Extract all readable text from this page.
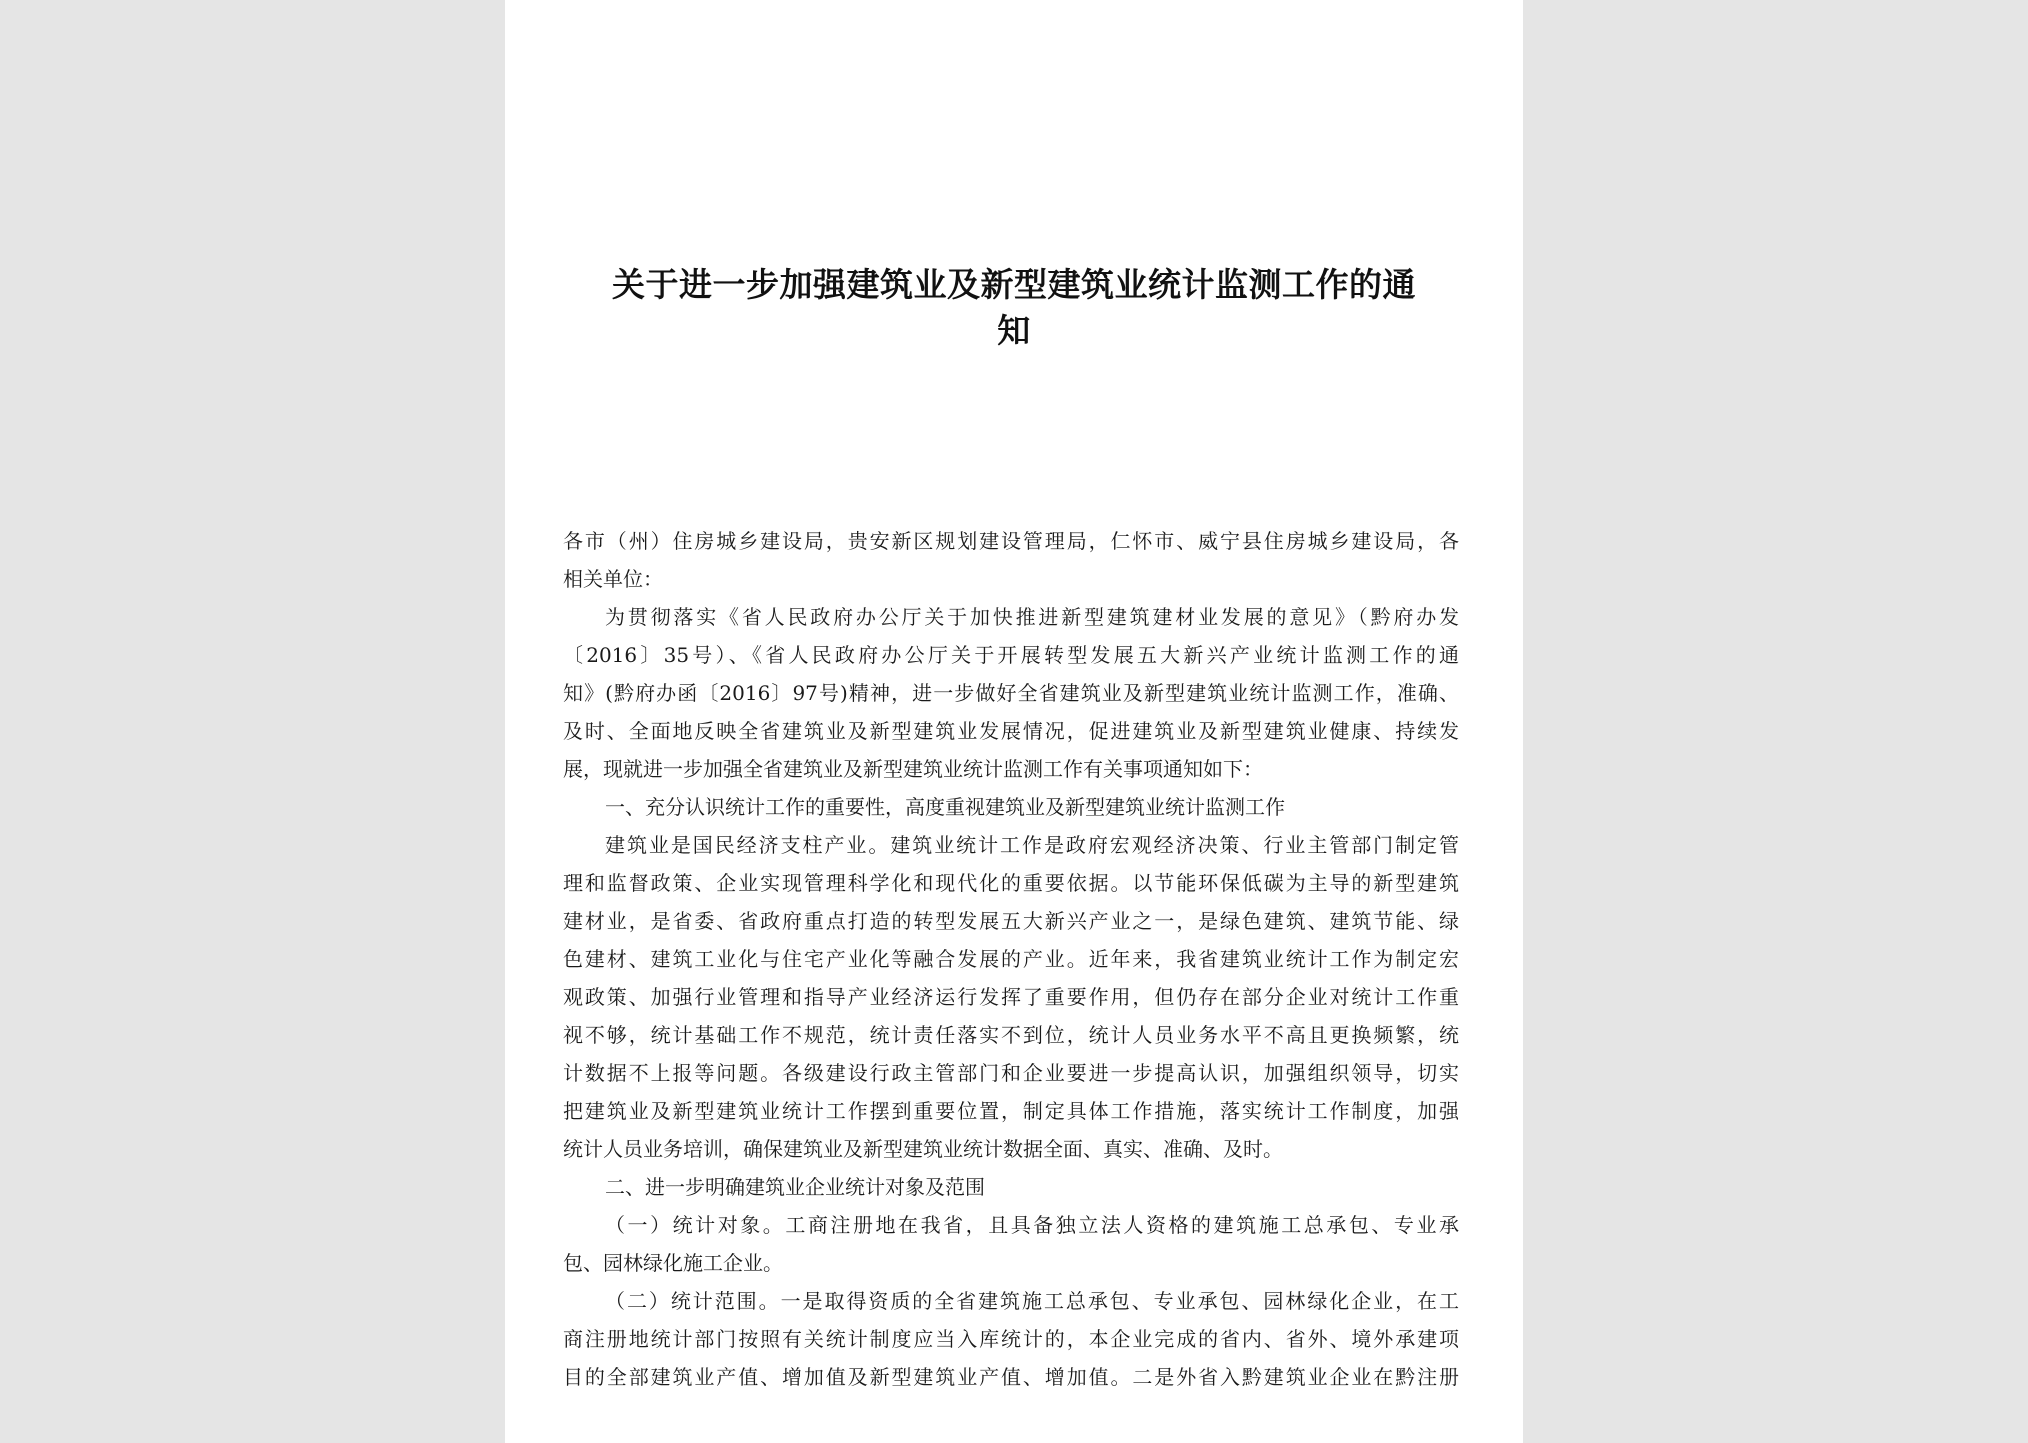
关于进一步加强建筑业及新型建筑业统计监测工作的通
知
各市（州）住房城乡建设局，贵安新区规划建设管理局，仁怀市、威宁县住房城乡建设局，各
相关单位：
为贯彻落实《省人民政府办公厅关于加快推进新型建筑建材业发展的意见》（黔府办发
〔2016〕35号）、《省人民政府办公厅关于开展转型发展五大新兴产业统计监测工作的通
知》(黔府办函〔2016〕97号)精神，进一步做好全省建筑业及新型建筑业统计监测工作，准确、
及时、全面地反映全省建筑业及新型建筑业发展情况，促进建筑业及新型建筑业健康、持续发
展，现就进一步加强全省建筑业及新型建筑业统计监测工作有关事项通知如下：
一、充分认识统计工作的重要性，高度重视建筑业及新型建筑业统计监测工作
建筑业是国民经济支柱产业。建筑业统计工作是政府宏观经济决策、行业主管部门制定管
理和监督政策、企业实现管理科学化和现代化的重要依据。以节能环保低碳为主导的新型建筑
建材业，是省委、省政府重点打造的转型发展五大新兴产业之一，是绿色建筑、建筑节能、绿
色建材、建筑工业化与住宅产业化等融合发展的产业。近年来，我省建筑业统计工作为制定宏
观政策、加强行业管理和指导产业经济运行发挥了重要作用，但仍存在部分企业对统计工作重
视不够，统计基础工作不规范，统计责任落实不到位，统计人员业务水平不高且更换频繁，统
计数据不上报等问题。各级建设行政主管部门和企业要进一步提高认识，加强组织领导，切实
把建筑业及新型建筑业统计工作摆到重要位置，制定具体工作措施，落实统计工作制度，加强
统计人员业务培训，确保建筑业及新型建筑业统计数据全面、真实、准确、及时。
二、进一步明确建筑业企业统计对象及范围
（一）统计对象。工商注册地在我省，且具备独立法人资格的建筑施工总承包、专业承
包、园林绿化施工企业。
（二）统计范围。一是取得资质的全省建筑施工总承包、专业承包、园林绿化企业，在工
商注册地统计部门按照有关统计制度应当入库统计的，本企业完成的省内、省外、境外承建项
目的全部建筑业产值、增加值及新型建筑业产值、增加值。二是外省入黔建筑业企业在黔注册
